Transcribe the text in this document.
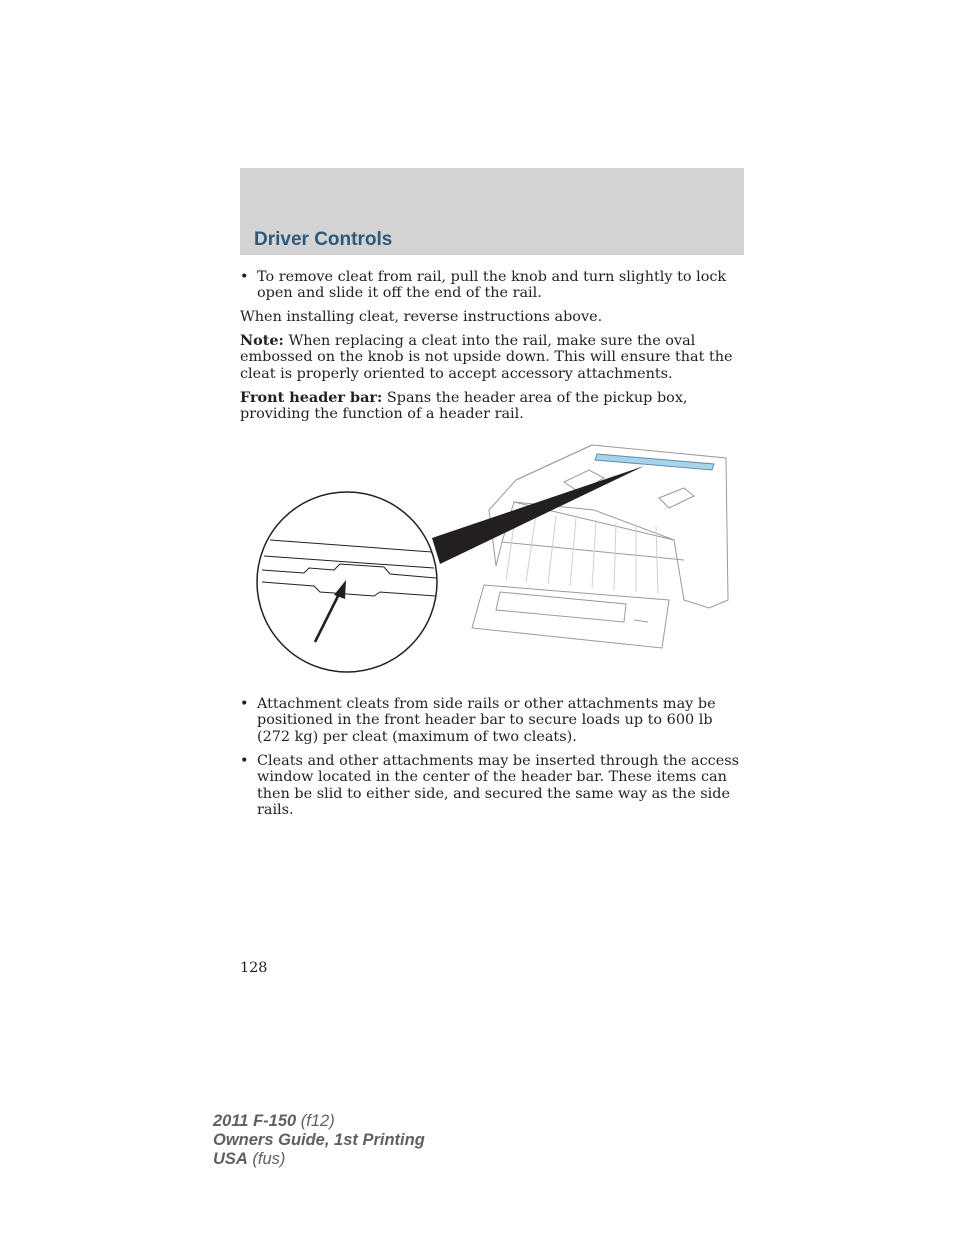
Driver Controls

• To remove cleat from rail, pull the knob and turn slightly to lock open and slide it off the end of the rail.

When installing cleat, reverse instructions above.

Note: When replacing a cleat into the rail, make sure the oval embossed on the knob is not upside down. This will ensure that the cleat is properly oriented to accept accessory attachments.

Front header bar: Spans the header area of the pickup box, providing the function of a header rail.

• Attachment cleats from side rails or other attachments may be positioned in the front header bar to secure loads up to 600 lb (272 kg) per cleat (maximum of two cleats).

• Cleats and other attachments may be inserted through the access window located in the center of the header bar. These items can then be slid to either side, and secured the same way as the side rails.

128

2011 F-150 (f12)
Owners Guide, 1st Printing
USA (fus)
